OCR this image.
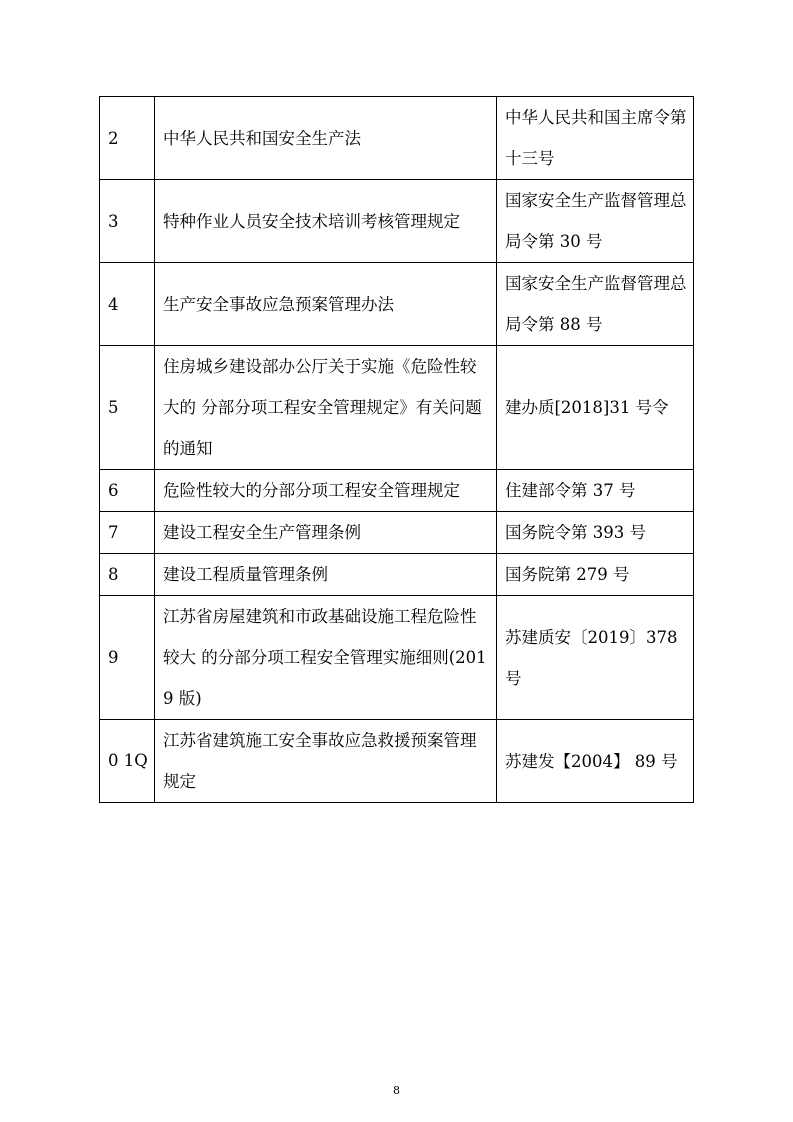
2	中华人民共和国安全生产法	中华人民共和国主席令第 十三号
3	特种作业人员安全技术培训考核管理规定	国家安全生产监督管理总 局令第 30 号
4	生产安全事故应急预案管理办法	国家安全生产监督管理总 局令第 88 号
5	住房城乡建设部办公厅关于实施《危险性较大的 分部分项工程安全管理规定》有关问题的通知	建办质[2018]31 号令
6	危险性较大的分部分项工程安全管理规定	住建部令第 37 号
7	建设工程安全生产管理条例	国务院令第 393 号
8	建设工程质量管理条例	国务院第 279 号
9	江苏省房屋建筑和市政基础设施工程危险性较大 的分部分项工程安全管理实施细则(2019 版)	苏建质安〔2019〕378 号
0 1Q	江苏省建筑施工安全事故应急救援预案管理规定	苏建发【2004】 89 号
8
